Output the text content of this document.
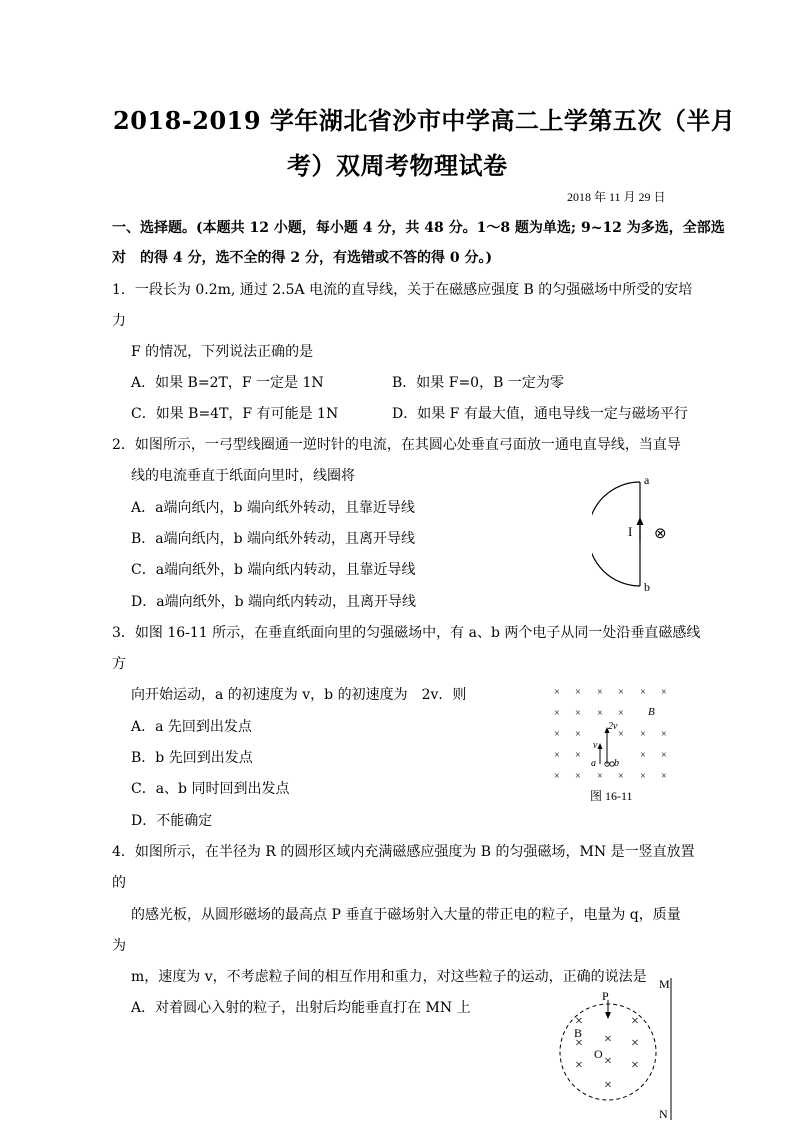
2018-2019 学年湖北省沙市中学高二上学第五次（半月
考）双周考物理试卷
2018 年 11 月 29 日
一、选择题。(本题共 12 小题，每小题 4 分，共 48 分。1～8 题为单选; 9~12 为多选，全部选
对　的得 4 分，选不全的得 2 分，有选错或不答的得 0 分。)
1．一段长为 0.2m, 通过 2.5A 电流的直导线，关于在磁感应强度 B 的匀强磁场中所受的安培
力
F 的情况，下列说法正确的是
A．如果 B=2T，F 一定是 1N	B．如果 F=0，B 一定为零
C．如果 B=4T，F 有可能是 1N	D．如果 F 有最大值，通电导线一定与磁场平行
2．如图所示，一弓型线圈通一逆时针的电流，在其圆心处垂直弓面放一通电直导线，当直导
线的电流垂直于纸面向里时，线圈将
A．a端向纸内，b 端向纸外转动，且靠近导线
B．a端向纸内，b 端向纸外转动，且离开导线
C．a端向纸外，b 端向纸内转动，且靠近导线
D．a端向纸外，b 端向纸内转动，且离开导线
a
b
I ⊗
3．如图 16-11 所示，在垂直纸面向里的匀强磁场中，有 a、b 两个电子从同一处沿垂直磁感线
方
向开始运动，a 的初速度为 v，b 的初速度为　2v．则
A．a 先回到出发点
B．b 先回到出发点
C．a、b 同时回到出发点
D．不能确定
× × × × × ×
× × × ×
× ×	× × ×
× ×	× ×
× × × × × ×
B
2v
v
a b
图 16-11
4．如图所示，在半径为 R 的圆形区域内充满磁感应强度为 B 的匀强磁场，MN 是一竖直放置
的
的感光板，从圆形磁场的最高点 P 垂直于磁场射入大量的带正电的粒子，电量为 q，质量
为
m，速度为 v，不考虑粒子间的相互作用和重力，对这些粒子的运动，正确的说法是
A．对着圆心入射的粒子，出射后均能垂直打在 MN 上
×	×
×
×	×
×
×	×
×
P
B
O
M
N
